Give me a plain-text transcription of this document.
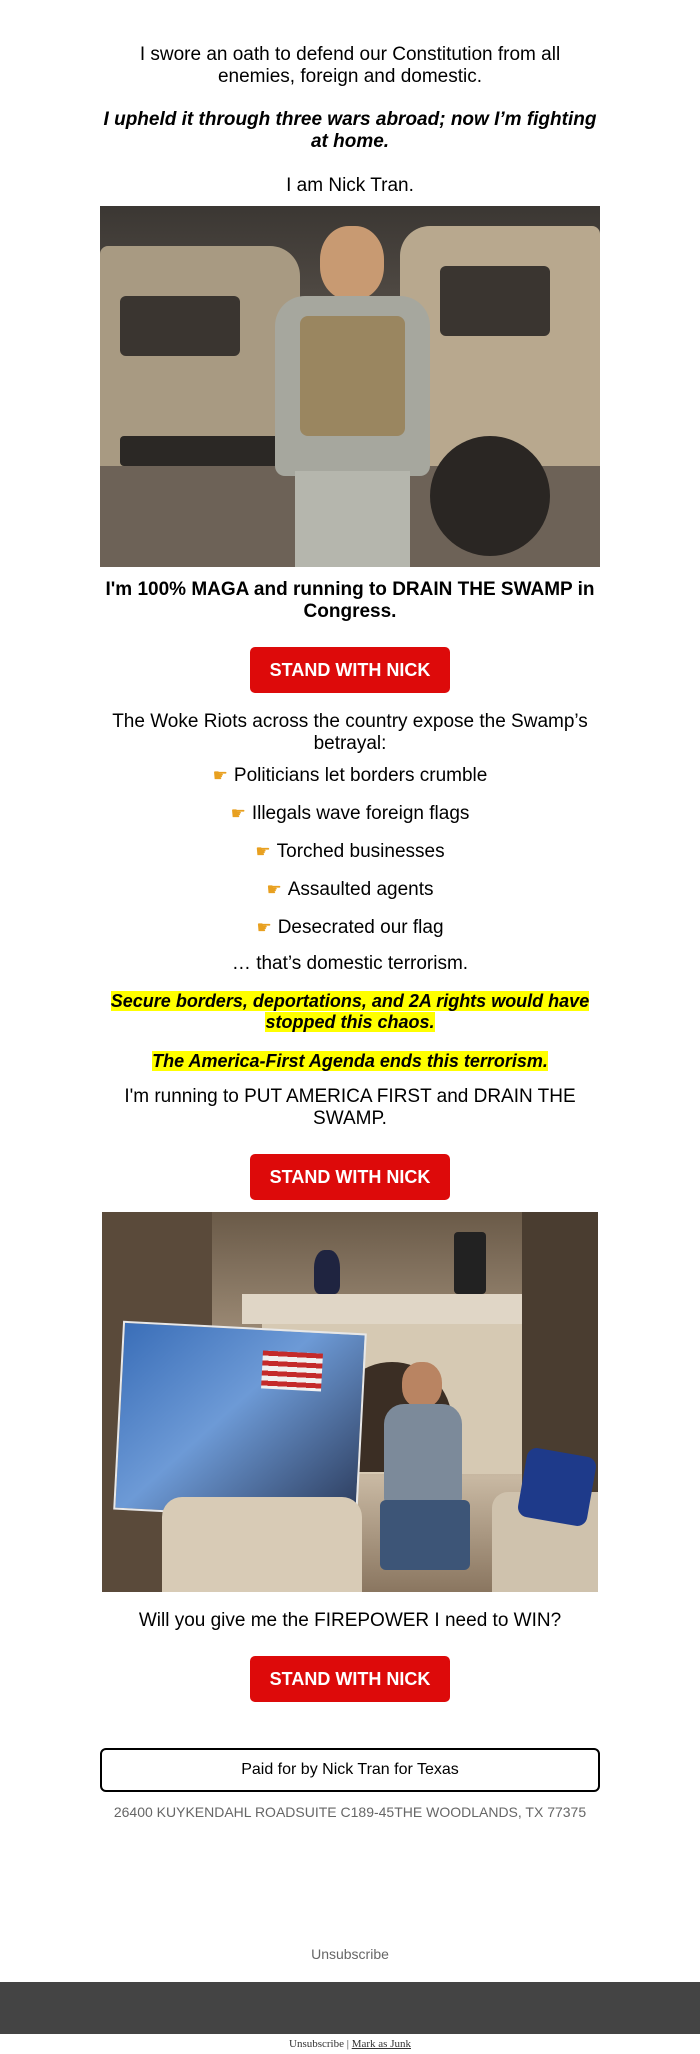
I swore an oath to defend our Constitution from all enemies, foreign and domestic.

I upheld it through three wars abroad; now I’m fighting at home.

I am Nick Tran.

I'm 100% MAGA and running to DRAIN THE SWAMP in Congress.

STAND WITH NICK

The Woke Riots across the country expose the Swamp’s betrayal:

☛ Politicians let borders crumble
☛ Illegals wave foreign flags
☛ Torched businesses
☛ Assaulted agents
☛ Desecrated our flag

… that’s domestic terrorism.

Secure borders, deportations, and 2A rights would have stopped this chaos.

The America-First Agenda ends this terrorism.

I'm running to PUT AMERICA FIRST and DRAIN THE SWAMP.

STAND WITH NICK

Will you give me the FIREPOWER I need to WIN?

STAND WITH NICK
Paid for by Nick Tran for Texas

26400 KUYKENDAHL ROADSUITE C189-45THE WOODLANDS, TX 77375

Unsubscribe

Unsubscribe | Mark as Junk
